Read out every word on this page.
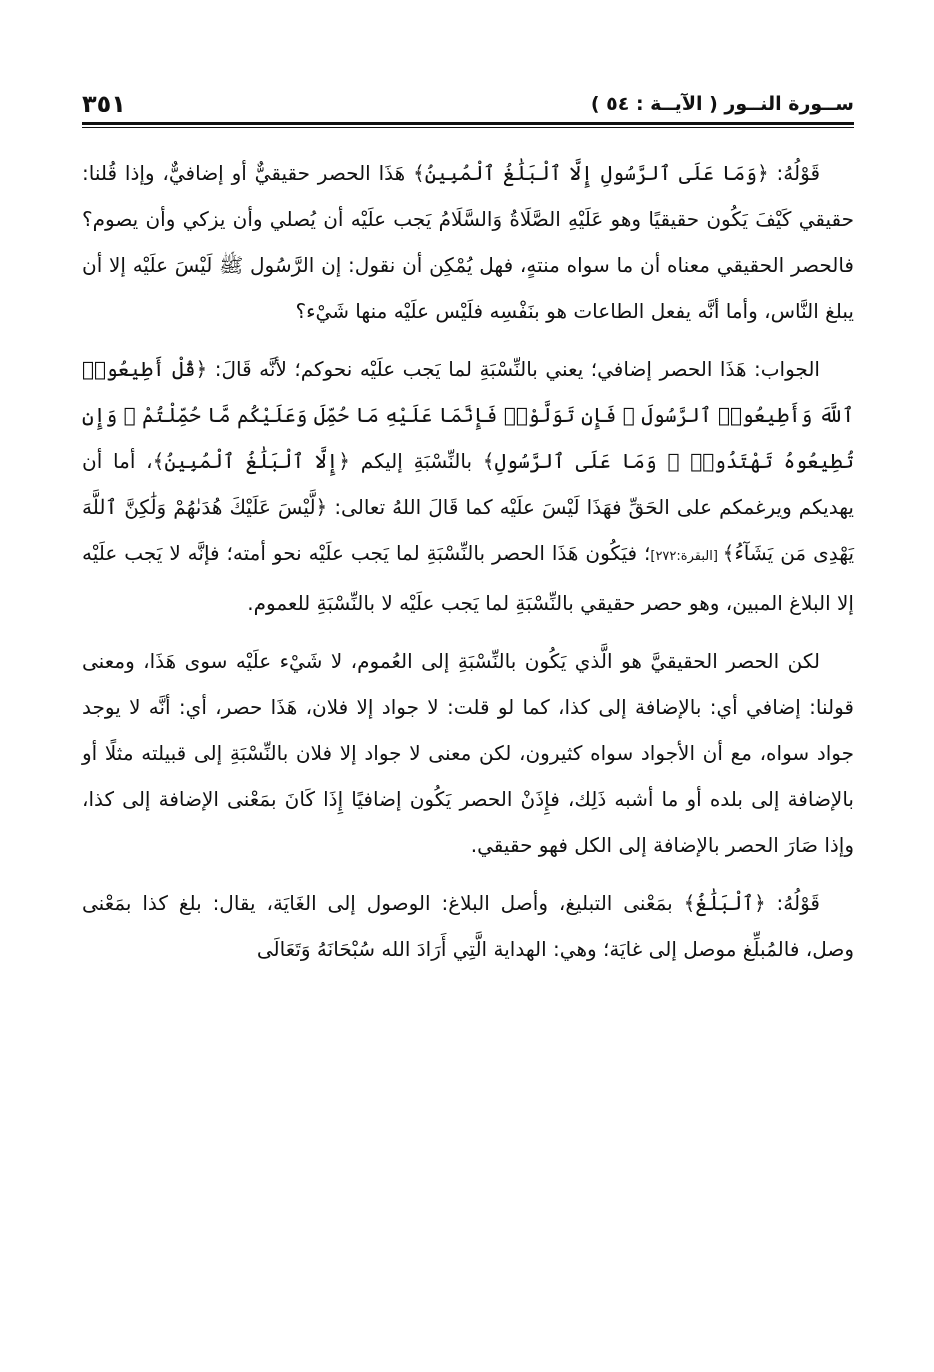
٣٥١	ســورة النــور ( الآيــة : ٥٤ )

قَوْلُهُ: ﴿وَمَا عَلَى ٱلرَّسُولِ إِلَّا ٱلْبَلَٰغُ ٱلْمُبِينُ﴾ هَذَا الحصر حقيقيٌّ أو إضافيٌّ، وإذا قُلنا: حقيقي كَيْفَ يَكُون حقيقيًا وهو عَلَيْهِ الصَّلَاةُ وَالسَّلَامُ يَجب علَيْه أن يُصلي وأن يزكي وأن يصوم؟ فالحصر الحقيقي معناه أن ما سواه منتهٍ، فهل يُمْكِن أن نقول: إن الرَّسُول ﷺ لَيْسَ علَيْه إلا أن يبلغ النَّاس، وأما أنَّه يفعل الطاعات هو بنَفْسِه فلَيْس علَيْه منها شَيْء؟

الجواب: هَذَا الحصر إضافي؛ يعني بالنِّسْبَةِ لما يَجب علَيْه نحوكم؛ لأنَّه قَالَ: ﴿قُلْ أَطِيعُوا۟ ٱللَّهَ وَأَطِيعُوا۟ ٱلرَّسُولَ ۖ فَإِن تَوَلَّوْا۟ فَإِنَّمَا عَلَيْهِ مَا حُمِّلَ وَعَلَيْكُم مَّا حُمِّلْتُمْ ۖ وَإِن تُطِيعُوهُ تَهْتَدُوا۟ ۚ وَمَا عَلَى ٱلرَّسُولِ﴾ بالنِّسْبَةِ إليكم ﴿إِلَّا ٱلْبَلَٰغُ ٱلْمُبِينُ﴾، أما أن يهديكم ويرغمكم على الحَقِّ فهَذَا لَيْسَ علَيْه كما قَالَ اللهُ تعالى: ﴿لَّيْسَ عَلَيْكَ هُدَىٰهُمْ وَلَٰكِنَّ ٱللَّهَ يَهْدِى مَن يَشَآءُ﴾ [البقرة:٢٧٢]؛ فيَكُون هَذَا الحصر بالنِّسْبَةِ لما يَجب علَيْه نحو أمته؛ فإنَّه لا يَجب علَيْه إلا البلاغ المبين، وهو حصر حقيقي بالنِّسْبَةِ لما يَجب علَيْه لا بالنِّسْبَةِ للعموم.

لكن الحصر الحقيقيَّ هو الَّذي يَكُون بالنِّسْبَةِ إلى العُموم، لا شَيْء علَيْه سوى هَذَا، ومعنى قولنا: إضافي أي: بالإضافة إلى كذا، كما لو قلت: لا جواد إلا فلان، هَذَا حصر، أي: أنَّه لا يوجد جواد سواه، مع أن الأجواد سواه كثيرون، لكن معنى لا جواد إلا فلان بالنِّسْبَةِ إلى قبيلته مثلًا أو بالإضافة إلى بلده أو ما أشبه ذَلِك، فإِذَنْ الحصر يَكُون إضافيًا إِذَا كَانَ بمَعْنى الإضافة إلى كذا، وإذا صَارَ الحصر بالإضافة إلى الكل فهو حقيقي.

قَوْلُهُ: ﴿ٱلْبَلَٰغُ﴾ بمَعْنى التبليغ، وأصل البلاغ: الوصول إلى الغَايَة، يقال: بلغ كذا بمَعْنى وصل، فالمُبلِّغ موصل إلى غايَة؛ وهي: الهداية الَّتِي أَرَادَ الله سُبْحَانَهُ وَتَعَالَى
